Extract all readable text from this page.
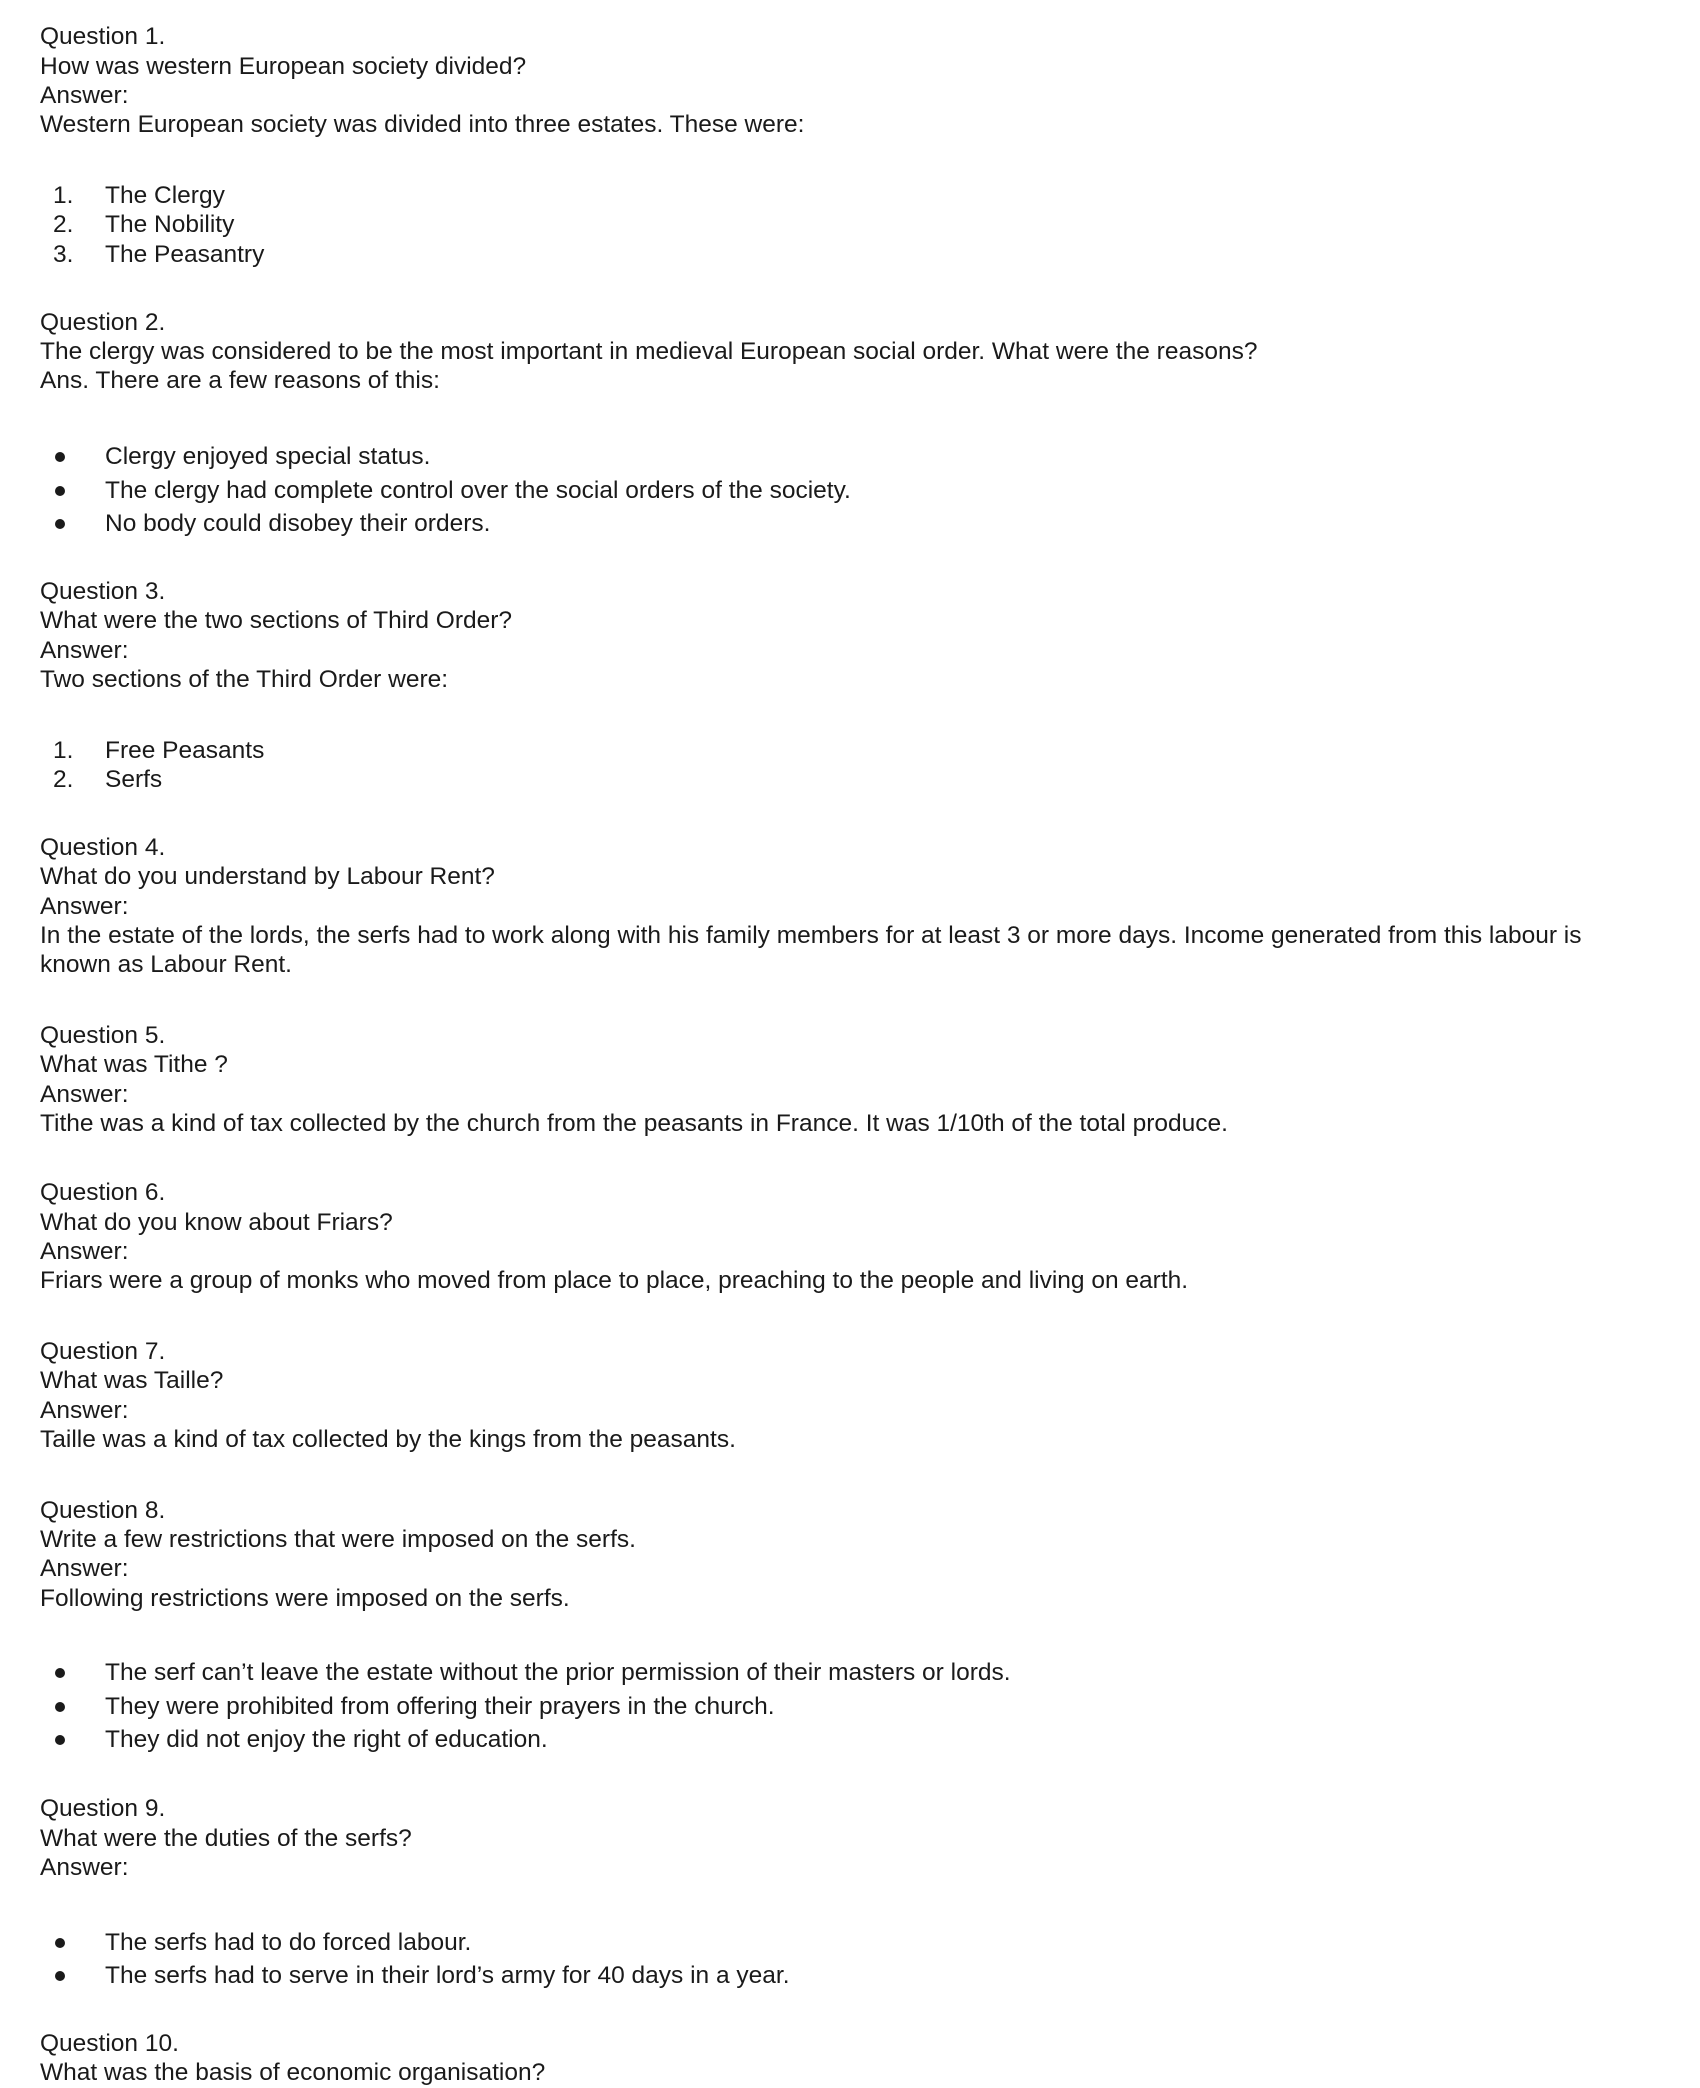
Question 1.
How was western European society divided?
Answer:
Western European society was divided into three estates. These were:
1. The Clergy
2. The Nobility
3. The Peasantry
Question 2.
The clergy was considered to be the most important in medieval European social order. What were the reasons?
Ans. There are a few reasons of this:
Clergy enjoyed special status.
The clergy had complete control over the social orders of the society.
No body could disobey their orders.
Question 3.
What were the two sections of Third Order?
Answer:
Two sections of the Third Order were:
1. Free Peasants
2. Serfs
Question 4.
What do you understand by Labour Rent?
Answer:
In the estate of the lords, the serfs had to work along with his family members for at least 3 or more days. Income generated from this labour is
known as Labour Rent.
Question 5.
What was Tithe ?
Answer:
Tithe was a kind of tax collected by the church from the peasants in France. It was 1/10th of the total produce.
Question 6.
What do you know about Friars?
Answer:
Friars were a group of monks who moved from place to place, preaching to the people and living on earth.
Question 7.
What was Taille?
Answer:
Taille was a kind of tax collected by the kings from the peasants.
Question 8.
Write a few restrictions that were imposed on the serfs.
Answer:
Following restrictions were imposed on the serfs.
The serf can’t leave the estate without the prior permission of their masters or lords.
They were prohibited from offering their prayers in the church.
They did not enjoy the right of education.
Question 9.
What were the duties of the serfs?
Answer:
The serfs had to do forced labour.
The serfs had to serve in their lord’s army for 40 days in a year.
Question 10.
What was the basis of economic organisation?
